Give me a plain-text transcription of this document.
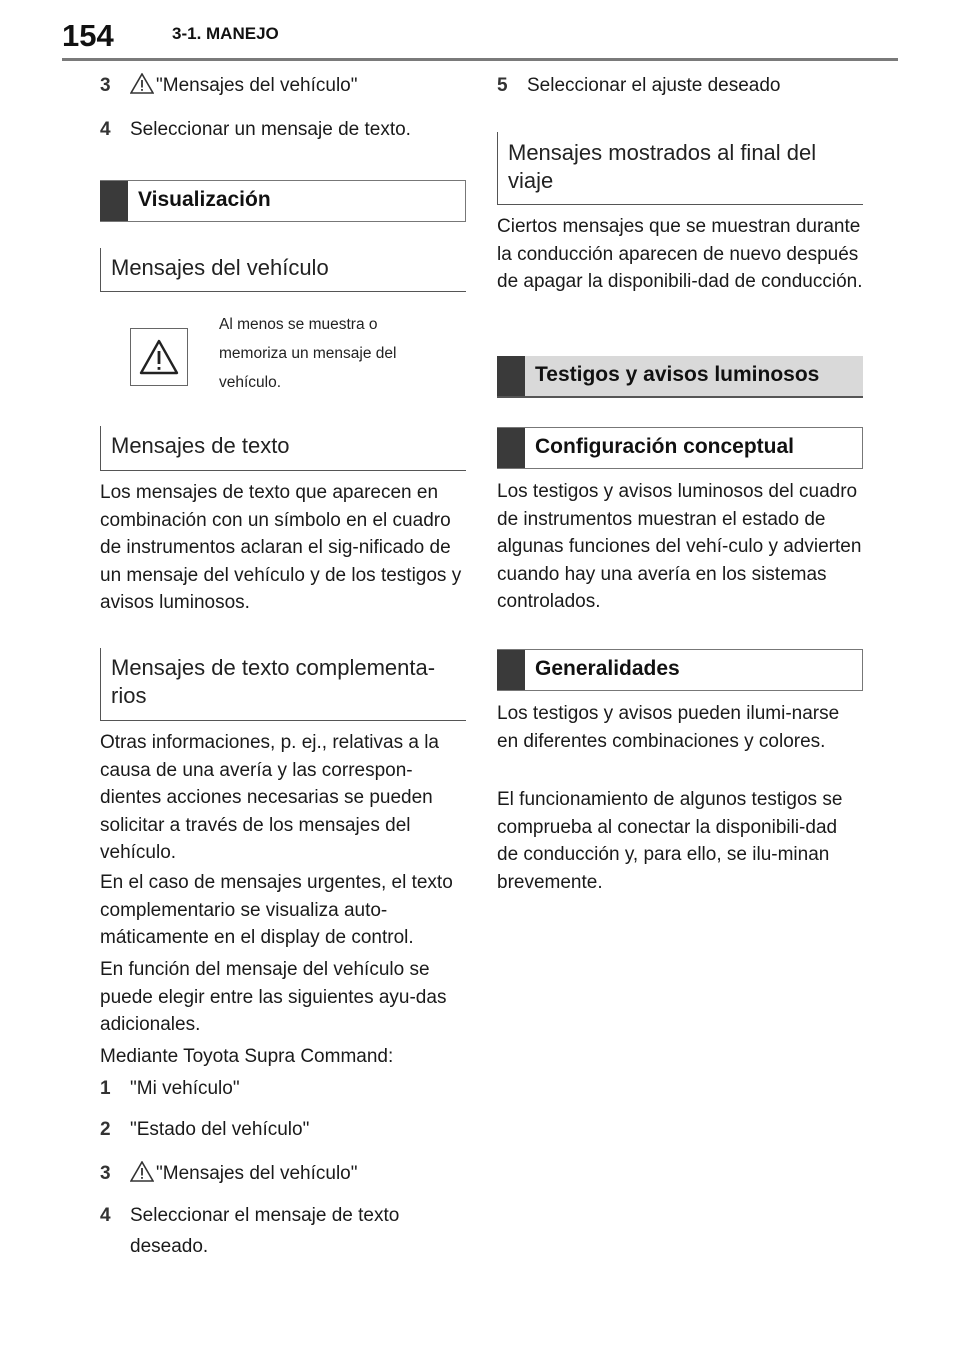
154	3-1. MANEJO
3	"Mensajes del vehículo"
4	Seleccionar un mensaje de texto.
Visualización
Mensajes del vehículo
Al menos se muestra o memoriza un mensaje del vehículo.
Mensajes de texto

Los mensajes de texto que aparecen en combinación con un símbolo en el cuadro de instrumentos aclaran el sig-nificado de un mensaje del vehículo y de los testigos y avisos luminosos.

Mensajes de texto complementa-rios

Otras informaciones, p. ej., relativas a la causa de una avería y las correspon-dientes acciones necesarias se pueden solicitar a través de los mensajes del vehículo.

En el caso de mensajes urgentes, el texto complementario se visualiza auto-máticamente en el display de control.

En función del mensaje del vehículo se puede elegir entre las siguientes ayu-das adicionales.

Mediante Toyota Supra Command:

1	"Mi vehículo"
2	"Estado del vehículo"
3	"Mensajes del vehículo"
4	Seleccionar el mensaje de texto deseado.
5	Seleccionar el ajuste deseado
Mensajes mostrados al final del viaje

Ciertos mensajes que se muestran durante la conducción aparecen de nuevo después de apagar la disponibili-dad de conducción.

Testigos y avisos luminosos
Configuración conceptual

Los testigos y avisos luminosos del cuadro de instrumentos muestran el estado de algunas funciones del vehí-culo y advierten cuando hay una avería en los sistemas controlados.

Generalidades

Los testigos y avisos pueden ilumi-narse en diferentes combinaciones y colores.

El funcionamiento de algunos testigos se comprueba al conectar la disponibili-dad de conducción y, para ello, se ilu-minan brevemente.
